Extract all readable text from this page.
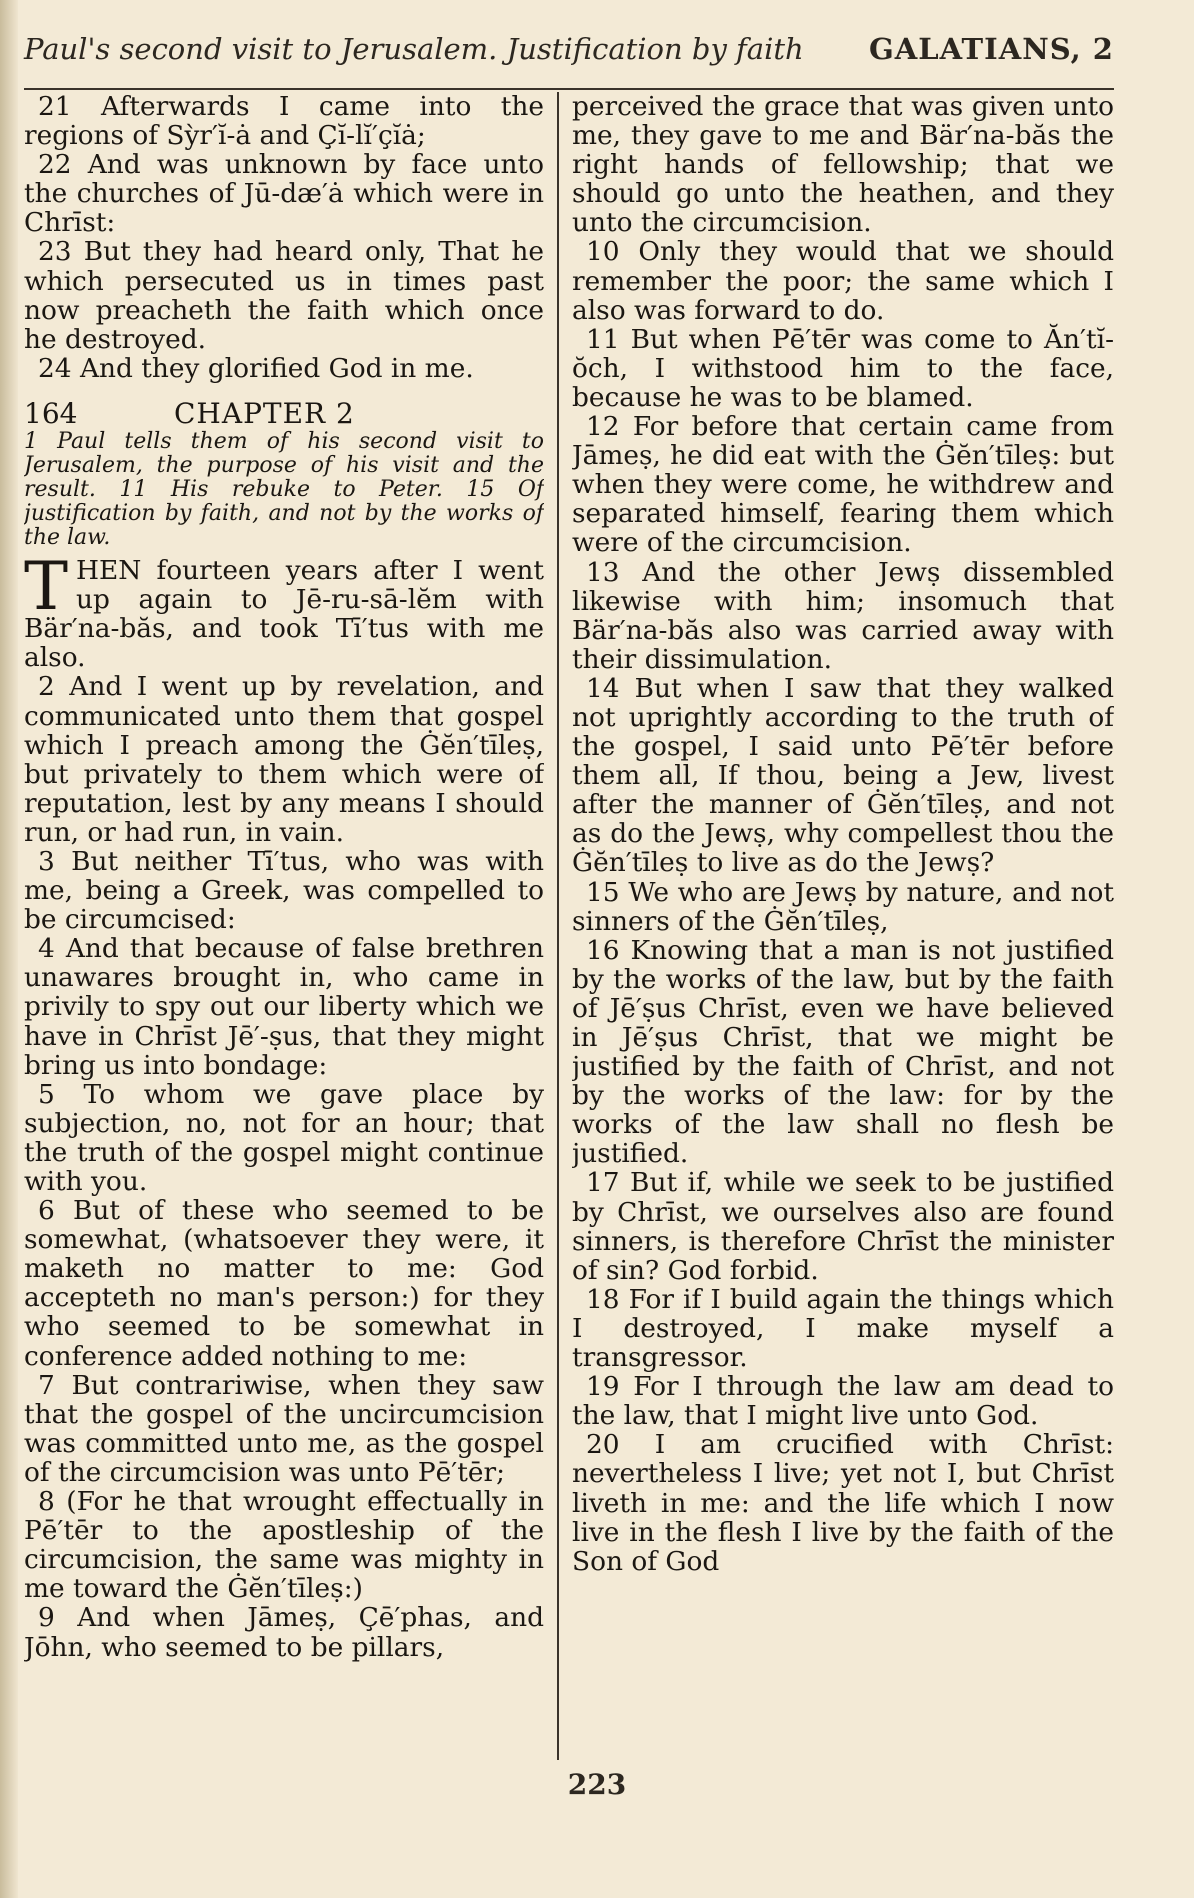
Paul's second visit to Jerusalem. Justification by faith GALATIANS, 2

21 Afterwards I came into the regions of Sỳr′ĭ-ȧ and Çĭ-lĭ′çĭȧ;

22 And was unknown by face unto the churches of Jū-dæ′ȧ which were in Chrīst:

23 But they had heard only, That he which persecuted us in times past now preacheth the faith which once he destroyed.

24 And they glorified God in me.

164	CHAPTER 2

1 Paul tells them of his second visit to Jerusalem, the purpose of his visit and the result. 11 His rebuke to Peter. 15 Of justification by faith, and not by the works of the law.

T HEN fourteen years after I went up again to Jē-ru-sā-lĕm with Bär′na-băs, and took Tī′tus with me also.

2 And I went up by revelation, and communicated unto them that gospel which I preach among the Ġĕn′tīleṣ, but privately to them which were of reputation, lest by any means I should run, or had run, in vain.

3 But neither Tī′tus, who was with me, being a Greek, was compelled to be circumcised:

4 And that because of false brethren unawares brought in, who came in privily to spy out our liberty which we have in Chrīst Jē′-ṣus, that they might bring us into bondage:

5 To whom we gave place by subjection, no, not for an hour; that the truth of the gospel might continue with you.

6 But of these who seemed to be somewhat, (whatsoever they were, it maketh no matter to me: God accepteth no man's person:) for they who seemed to be somewhat in conference added nothing to me:

7 But contrariwise, when they saw that the gospel of the uncircumcision was committed unto me, as the gospel of the circumcision was unto Pē′tēr;

8 (For he that wrought effectually in Pē′tēr to the apostleship of the circumcision, the same was mighty in me toward the Ġĕn′tīleṣ:)

9 And when Jāmeṣ, Çē′phas, and Jōhn, who seemed to be pillars,

perceived the grace that was given unto me, they gave to me and Bär′na-băs the right hands of fellowship; that we should go unto the heathen, and they unto the circumcision.

10 Only they would that we should remember the poor; the same which I also was forward to do.

11 But when Pē′tēr was come to Ăn′tĭ-ŏch, I withstood him to the face, because he was to be blamed.

12 For before that certain came from Jāmeṣ, he did eat with the Ġĕn′tīleṣ: but when they were come, he withdrew and separated himself, fearing them which were of the circumcision.

13 And the other Jewṣ dissembled likewise with him; insomuch that Bär′na-băs also was carried away with their dissimulation.

14 But when I saw that they walked not uprightly according to the truth of the gospel, I said unto Pē′tēr before them all, If thou, being a Jew, livest after the manner of Ġĕn′tīleṣ, and not as do the Jewṣ, why compellest thou the Ġĕn′tīleṣ to live as do the Jewṣ?

15 We who are Jewṣ by nature, and not sinners of the Ġĕn′tīleṣ,

16 Knowing that a man is not justified by the works of the law, but by the faith of Jē′ṣus Chrīst, even we have believed in Jē′ṣus Chrīst, that we might be justified by the faith of Chrīst, and not by the works of the law: for by the works of the law shall no flesh be justified.

17 But if, while we seek to be justified by Chrīst, we ourselves also are found sinners, is therefore Chrīst the minister of sin? God forbid.

18 For if I build again the things which I destroyed, I make myself a transgressor.

19 For I through the law am dead to the law, that I might live unto God.

20 I am crucified with Chrīst: nevertheless I live; yet not I, but Chrīst liveth in me: and the life which I now live in the flesh I live by the faith of the Son of God

223
